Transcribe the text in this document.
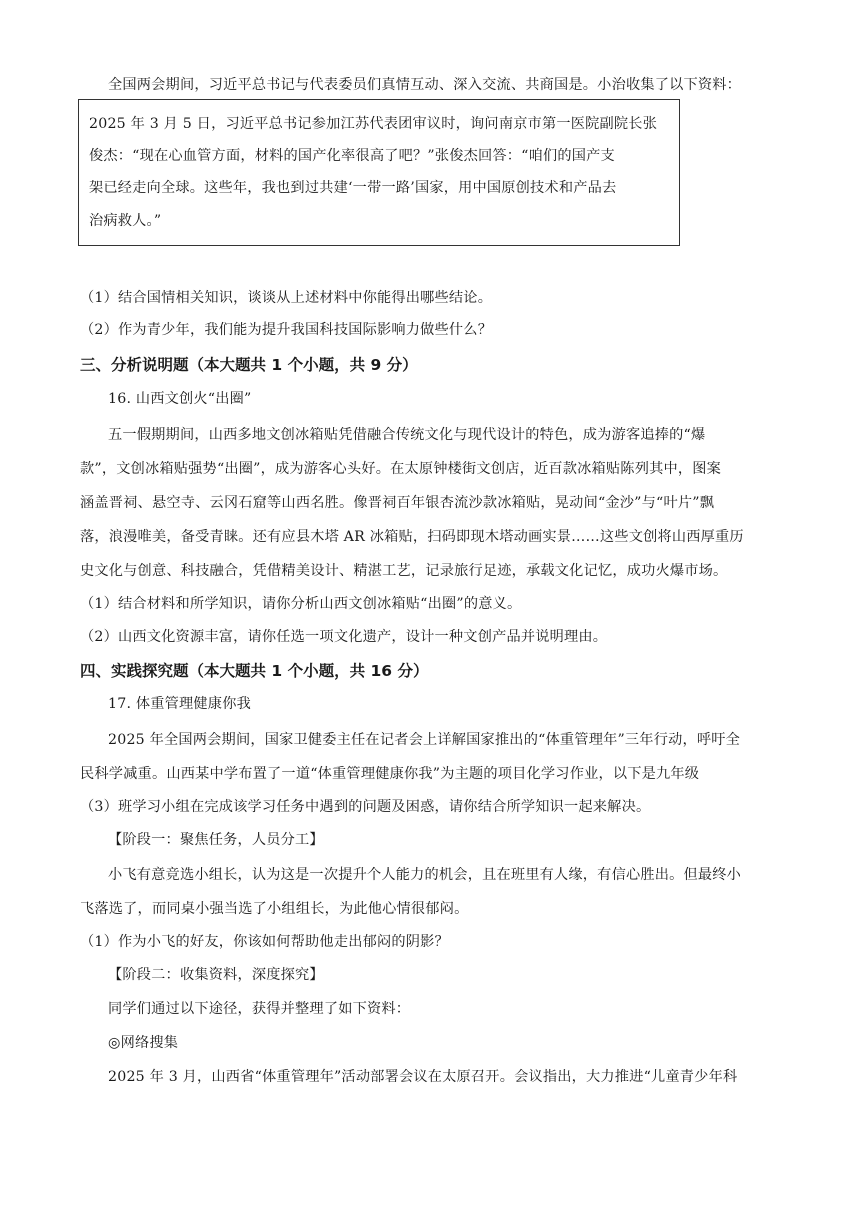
全国两会期间，习近平总书记与代表委员们真情互动、深入交流、共商国是。小治收集了以下资料：
2025 年 3 月 5 日，习近平总书记参加江苏代表团审议时，询问南京市第一医院副院长张
俊杰：“现在心血管方面，材料的国产化率很高了吧？”张俊杰回答：“咱们的国产支
架已经走向全球。这些年，我也到过共建‘一带一路’国家，用中国原创技术和产品去
治病救人。”
（1）结合国情相关知识，谈谈从上述材料中你能得出哪些结论。
（2）作为青少年，我们能为提升我国科技国际影响力做些什么？
三、分析说明题（本大题共 1 个小题，共 9 分）
16. 山西文创火“出圈”
五一假期期间，山西多地文创冰箱贴凭借融合传统文化与现代设计的特色，成为游客追捧的“爆
款”，文创冰箱贴强势“出圈”，成为游客心头好。在太原钟楼街文创店，近百款冰箱贴陈列其中，图案
涵盖晋祠、悬空寺、云冈石窟等山西名胜。像晋祠百年银杏流沙款冰箱贴，晃动间“金沙”与“叶片”飘
落，浪漫唯美，备受青睐。还有应县木塔 AR 冰箱贴，扫码即现木塔动画实景……这些文创将山西厚重历
史文化与创意、科技融合，凭借精美设计、精湛工艺，记录旅行足迹，承载文化记忆，成功火爆市场。
（1）结合材料和所学知识，请你分析山西文创冰箱贴“出圈”的意义。
（2）山西文化资源丰富，请你任选一项文化遗产，设计一种文创产品并说明理由。
四、实践探究题（本大题共 1 个小题，共 16 分）
17. 体重管理健康你我
2025 年全国两会期间，国家卫健委主任在记者会上详解国家推出的“体重管理年”三年行动，呼吁全
民科学减重。山西某中学布置了一道“体重管理健康你我”为主题的项目化学习作业，以下是九年级
（3）班学习小组在完成该学习任务中遇到的问题及困惑，请你结合所学知识一起来解决。
【阶段一：聚焦任务，人员分工】
小飞有意竞选小组长，认为这是一次提升个人能力的机会，且在班里有人缘，有信心胜出。但最终小
飞落选了，而同桌小强当选了小组组长，为此他心情很郁闷。
（1）作为小飞的好友，你该如何帮助他走出郁闷的阴影？
【阶段二：收集资料，深度探究】
同学们通过以下途径，获得并整理了如下资料：
◎网络搜集
2025 年 3 月，山西省“体重管理年”活动部署会议在太原召开。会议指出，大力推进“儿童青少年科
